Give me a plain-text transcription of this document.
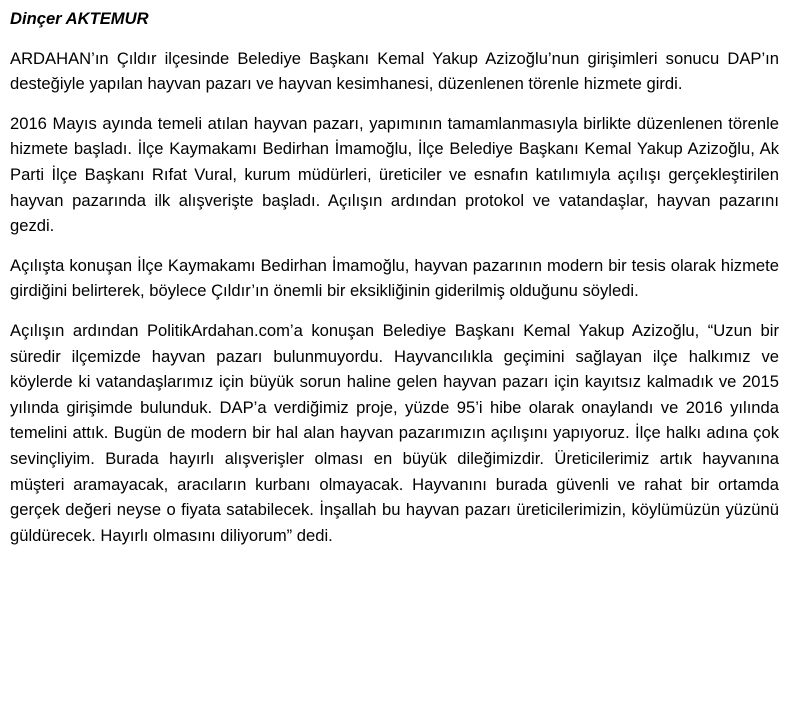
Dinçer AKTEMUR

ARDAHAN’ın Çıldır ilçesinde Belediye Başkanı Kemal Yakup Azizoğlu’nun girişimleri sonucu DAP’ın desteğiyle yapılan hayvan pazarı ve hayvan kesimhanesi, düzenlenen törenle hizmete girdi.

2016 Mayıs ayında temeli atılan hayvan pazarı, yapımının tamamlanmasıyla birlikte düzenlenen törenle hizmete başladı. İlçe Kaymakamı Bedirhan İmamoğlu, İlçe Belediye Başkanı Kemal Yakup Azizoğlu, Ak Parti İlçe Başkanı Rıfat Vural, kurum müdürleri, üreticiler ve esnafın katılımıyla açılışı gerçekleştirilen hayvan pazarında ilk alışverişte başladı. Açılışın ardından protokol ve vatandaşlar, hayvan pazarını gezdi.

Açılışta konuşan İlçe Kaymakamı Bedirhan İmamoğlu, hayvan pazarının modern bir tesis olarak hizmete girdiğini belirterek, böylece Çıldır’ın önemli bir eksikliğinin giderilmiş olduğunu söyledi.

Açılışın ardından PolitikArdahan.com’a konuşan Belediye Başkanı Kemal Yakup Azizoğlu, “Uzun bir süredir ilçemizde hayvan pazarı bulunmuyordu. Hayvancılıkla geçimini sağlayan ilçe halkımız ve köylerde ki vatandaşlarımız için büyük sorun haline gelen hayvan pazarı için kayıtsız kalmadık ve 2015 yılında girişimde bulunduk. DAP’a verdiğimiz proje, yüzde 95’i hibe olarak onaylandı ve 2016 yılında temelini attık. Bugün de modern bir hal alan hayvan pazarımızın açılışını yapıyoruz. İlçe halkı adına çok sevinçliyim. Burada hayırlı alışverişler olması en büyük dileğimizdir. Üreticilerimiz artık hayvanına müşteri aramayacak, aracıların kurbanı olmayacak. Hayvanını burada güvenli ve rahat bir ortamda gerçek değeri neyse o fiyata satabilecek. İnşallah bu hayvan pazarı üreticilerimizin, köylümüzün yüzünü güldürecek. Hayırlı olmasını diliyorum” dedi.
